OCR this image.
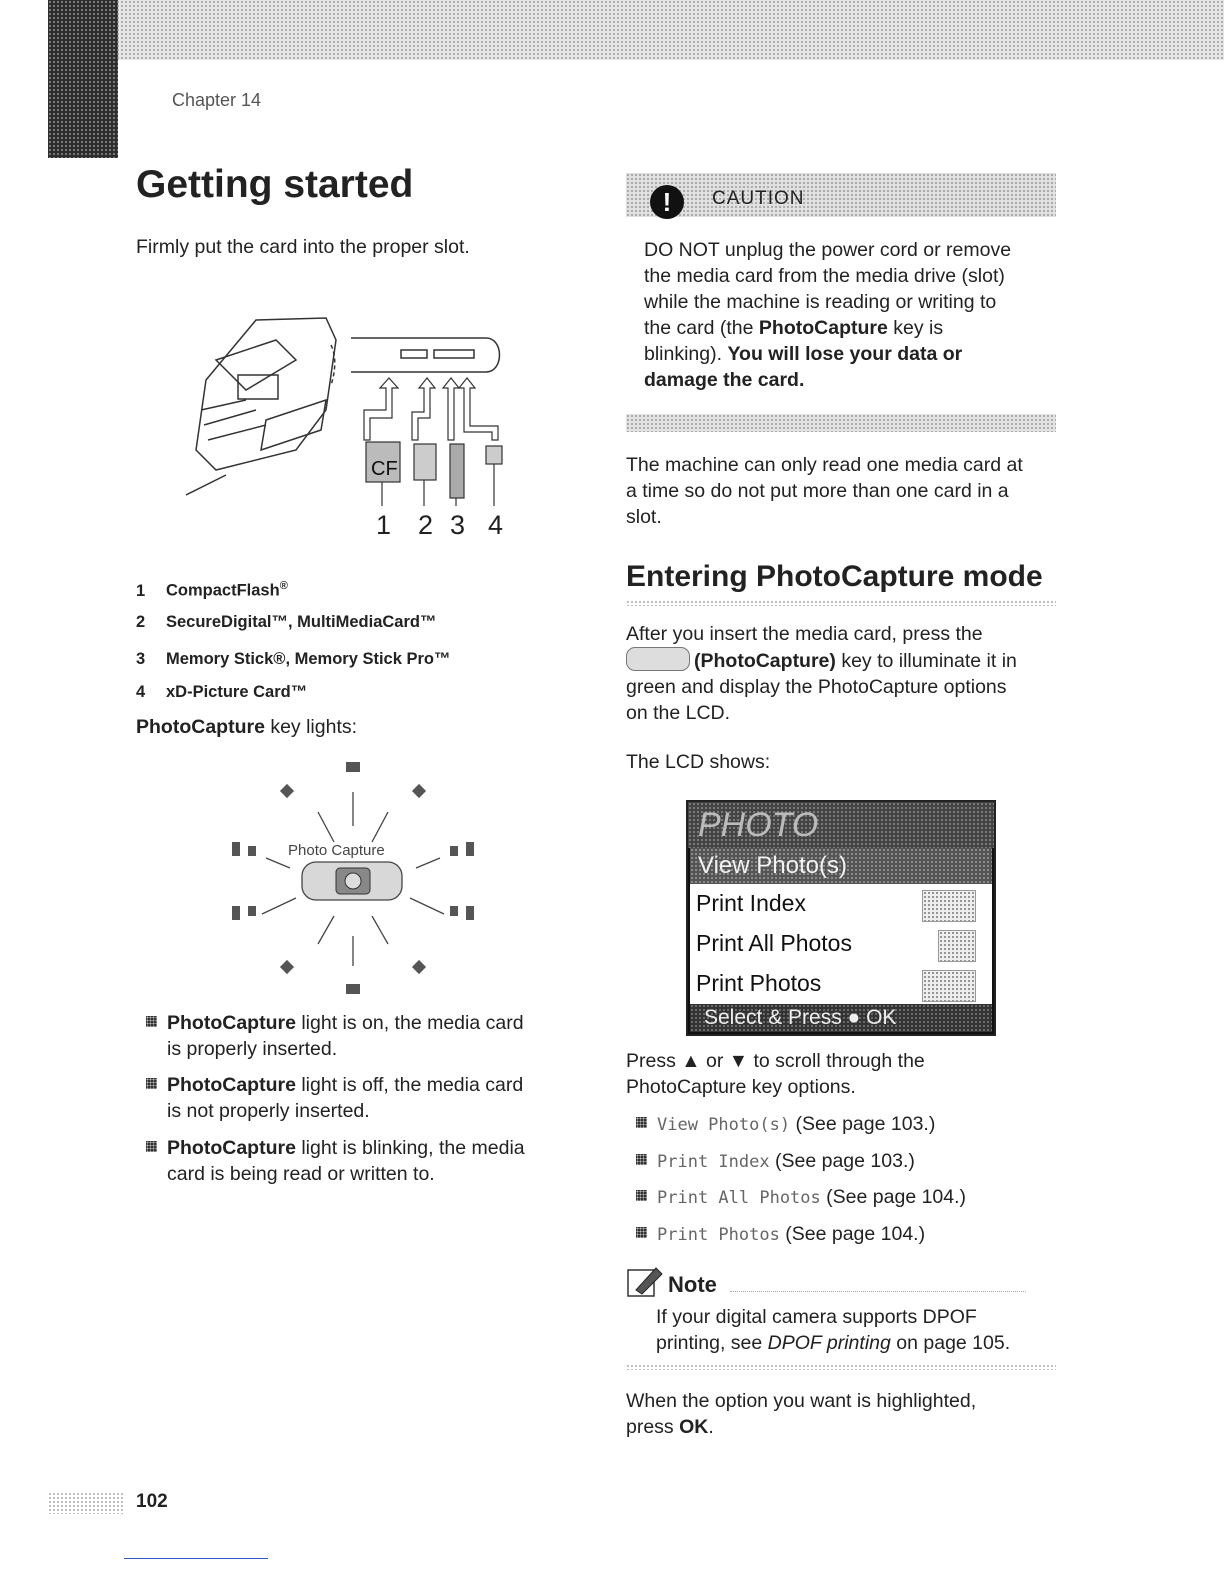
Chapter 14
Getting started
Firmly put the card into the proper slot.
CF
1 2 3 4
1 CompactFlash®
2 SecureDigital™, MultiMediaCard™
3 Memory Stick®, Memory Stick Pro™
4 xD-Picture Card™
PhotoCapture key lights:
Photo Capture
PhotoCapture light is on, the media card
is properly inserted.
PhotoCapture light is off, the media card
is not properly inserted.
PhotoCapture light is blinking, the media
card is being read or written to.
!	CAUTION
DO NOT unplug the power cord or remove
the media card from the media drive (slot)
while the machine is reading or writing to
the card (the PhotoCapture key is
blinking). You will lose your data or
damage the card.
The machine can only read one media card at
a time so do not put more than one card in a
slot.
Entering PhotoCapture mode
After you insert the media card, press the
(PhotoCapture) key to illuminate it in
green and display the PhotoCapture options
on the LCD.
The LCD shows:
PHOTO
View Photo(s)
Print Index
Print All Photos
Print Photos
Select & Press ● OK
Press ▲ or ▼ to scroll through the
PhotoCapture key options.
View Photo(s) (See page 103.)
Print Index (See page 103.)
Print All Photos (See page 104.)
Print Photos (See page 104.)
Note
If your digital camera supports DPOF
printing, see DPOF printing on page 105.
When the option you want is highlighted,
press OK.
102
